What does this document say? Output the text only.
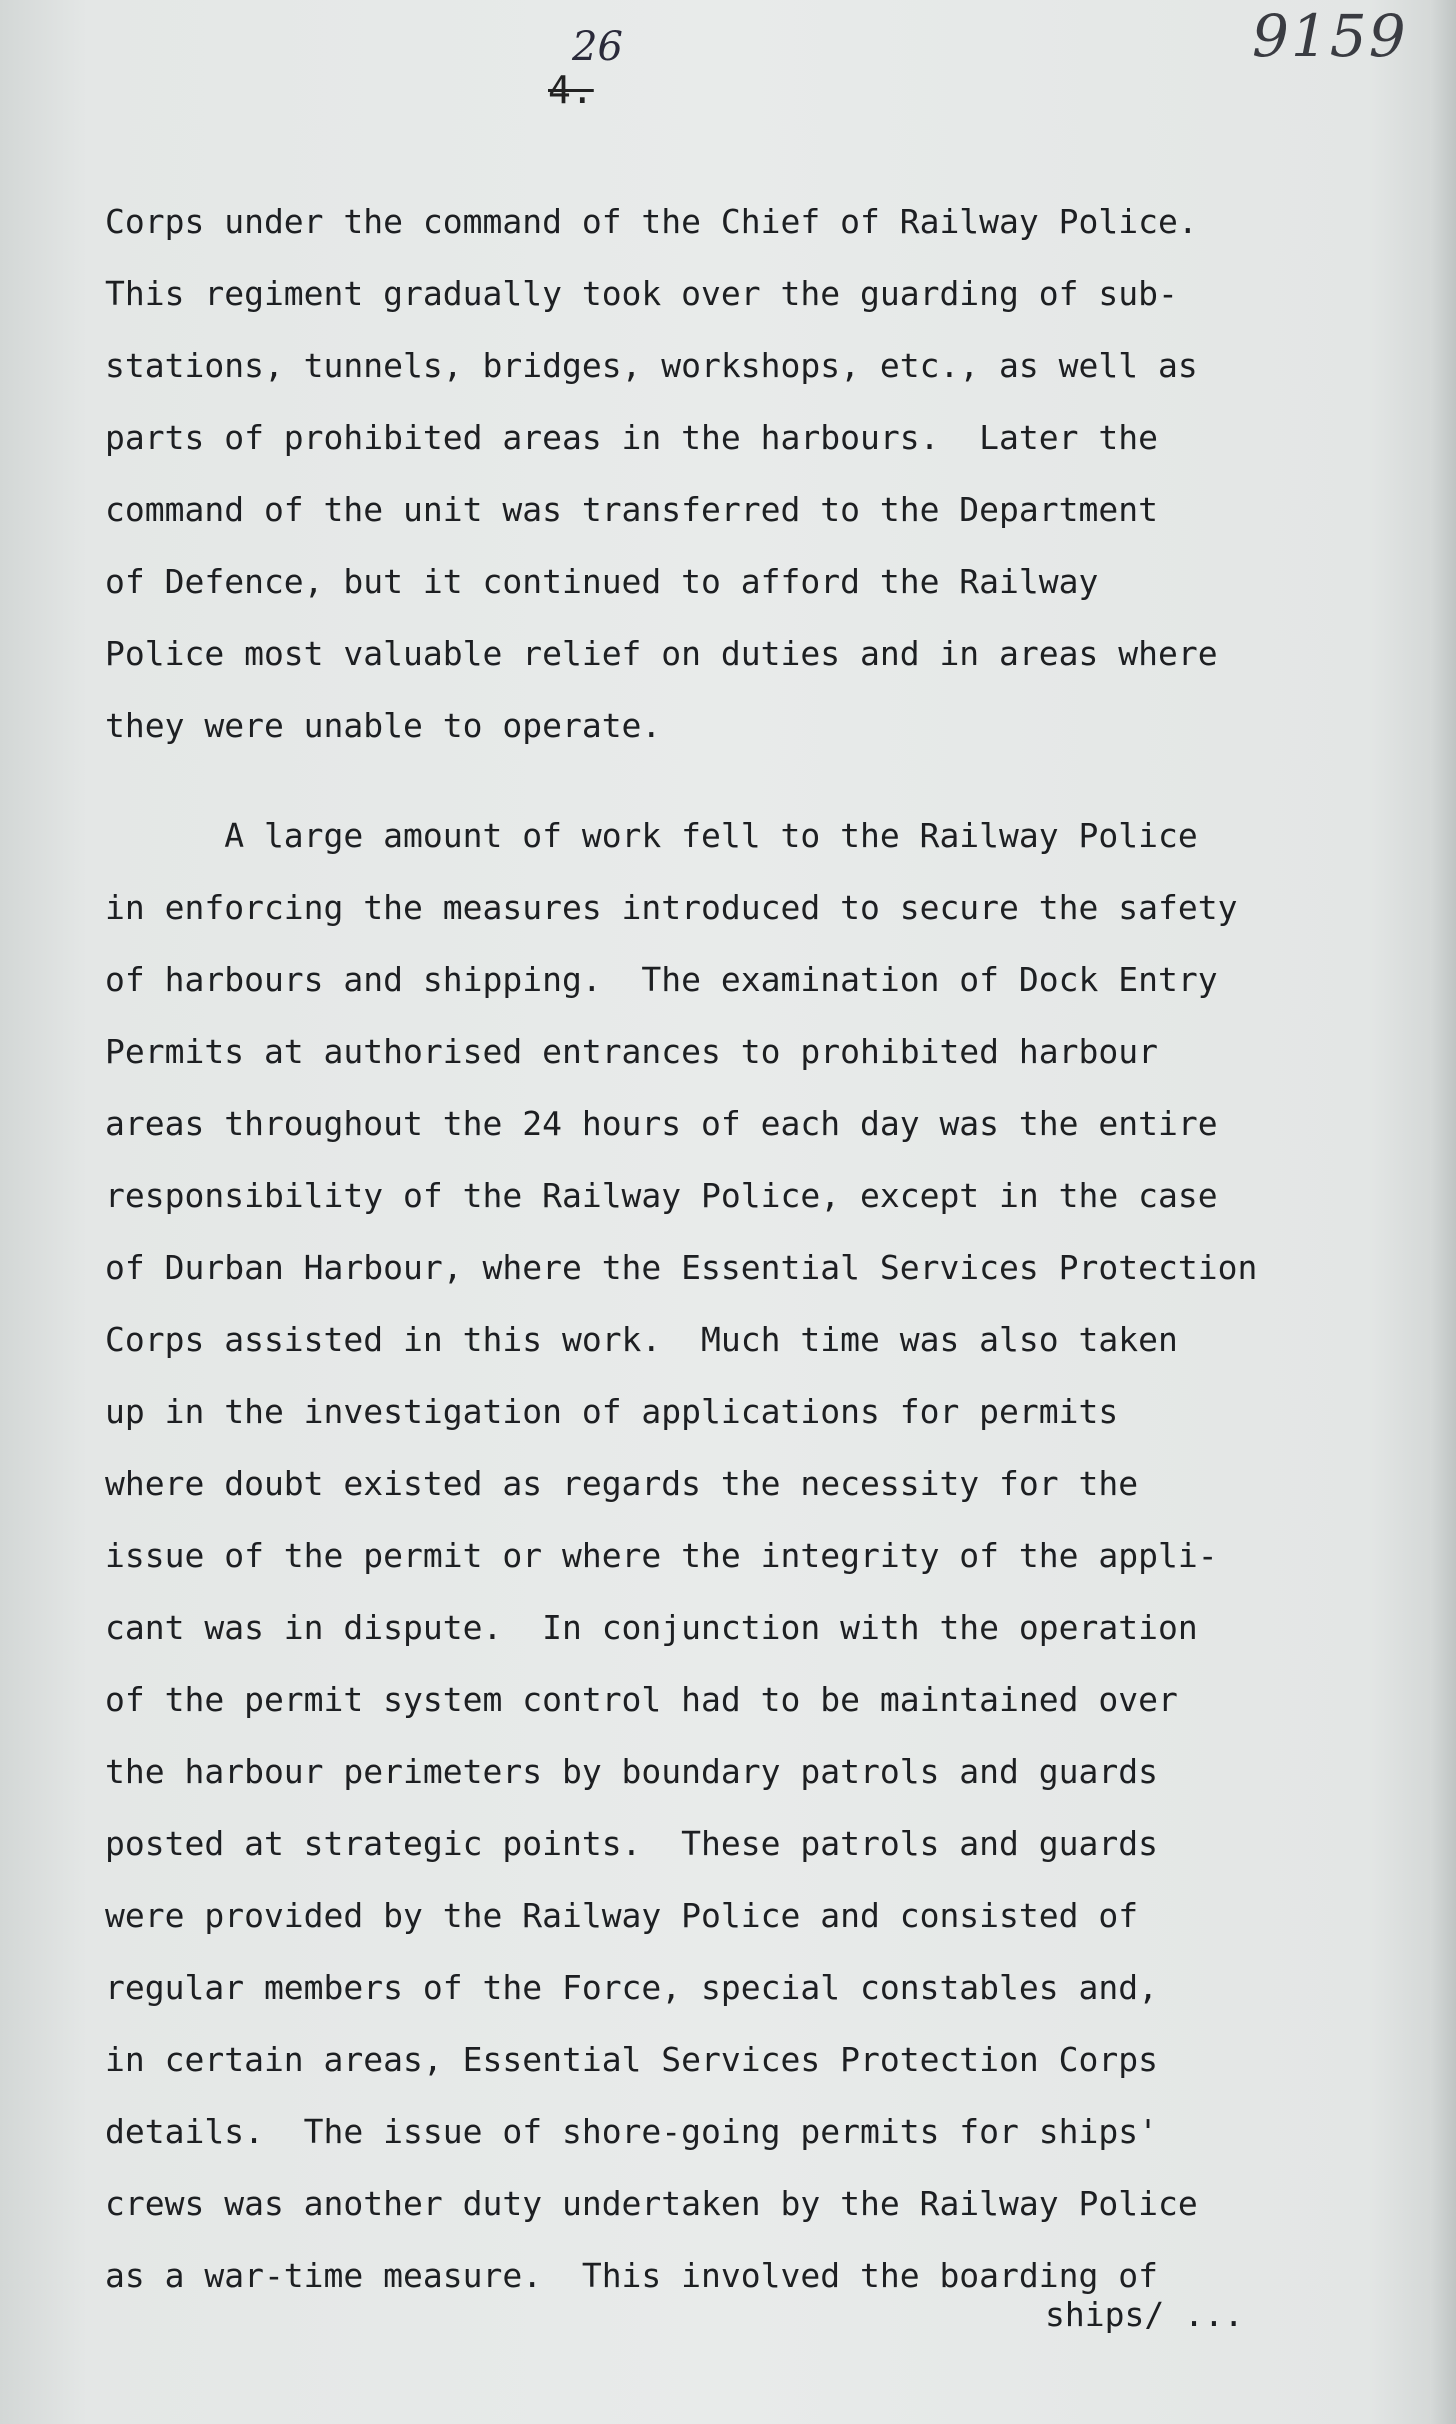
4.
26	9159
Corps under the command of the Chief of Railway Police.
This regiment gradually took over the guarding of sub-
stations, tunnels, bridges, workshops, etc., as well as
parts of prohibited areas in the harbours.  Later the
command of the unit was transferred to the Department
of Defence, but it continued to afford the Railway
Police most valuable relief on duties and in areas where
they were unable to operate.
A large amount of work fell to the Railway Police
in enforcing the measures introduced to secure the safety
of harbours and shipping.  The examination of Dock Entry
Permits at authorised entrances to prohibited harbour
areas throughout the 24 hours of each day was the entire
responsibility of the Railway Police, except in the case
of Durban Harbour, where the Essential Services Protection
Corps assisted in this work.  Much time was also taken
up in the investigation of applications for permits
where doubt existed as regards the necessity for the
issue of the permit or where the integrity of the appli-
cant was in dispute.  In conjunction with the operation
of the permit system control had to be maintained over
the harbour perimeters by boundary patrols and guards
posted at strategic points.  These patrols and guards
were provided by the Railway Police and consisted of
regular members of the Force, special constables and,
in certain areas, Essential Services Protection Corps
details.  The issue of shore-going permits for ships'
crews was another duty undertaken by the Railway Police
as a war-time measure.  This involved the boarding of
ships/ ...
